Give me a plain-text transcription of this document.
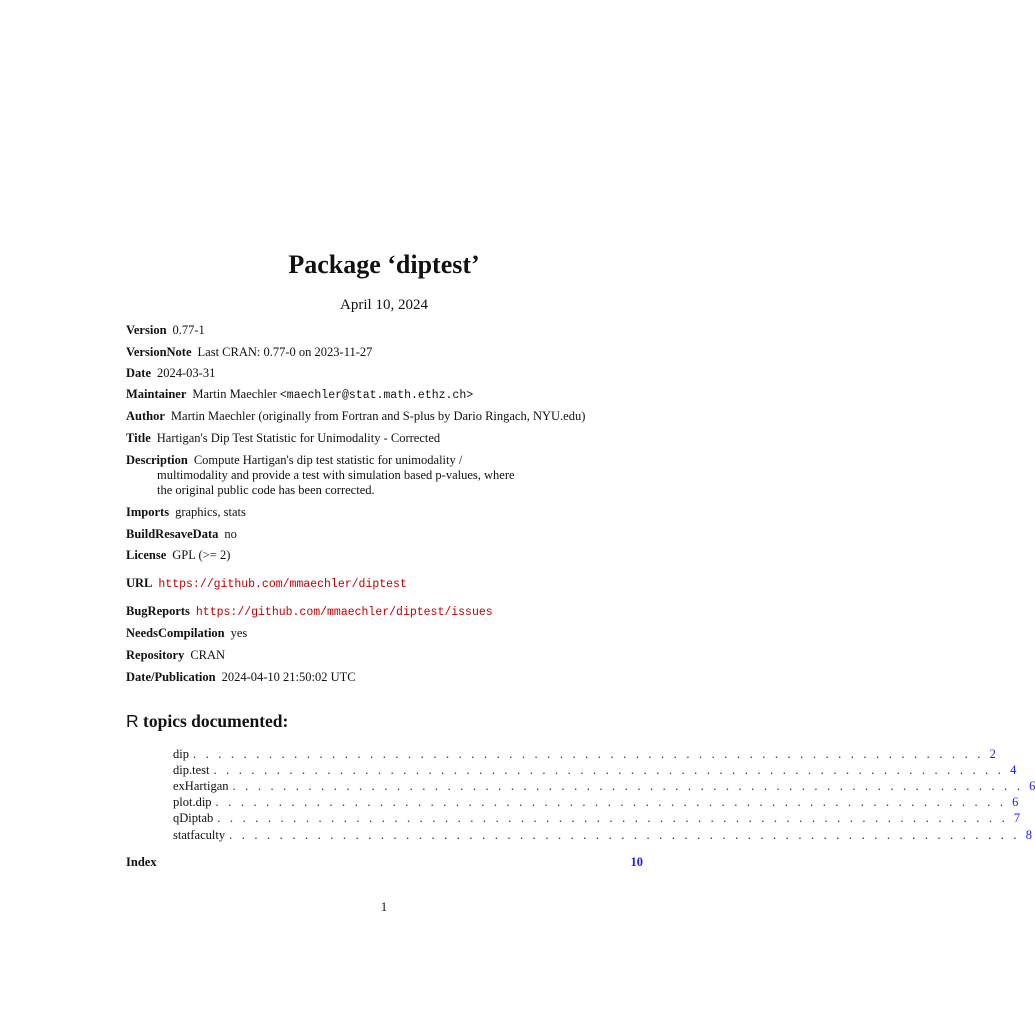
Package ‘diptest’
April 10, 2024
Version 0.77-1
VersionNote Last CRAN: 0.77-0 on 2023-11-27
Date 2024-03-31
Maintainer Martin Maechler <maechler@stat.math.ethz.ch>
Author Martin Maechler (originally from Fortran and S-plus by Dario Ringach, NYU.edu)
Title Hartigan's Dip Test Statistic for Unimodality - Corrected
Description Compute Hartigan's dip test statistic for unimodality /
multimodality and provide a test with simulation based p-values, where
the original public code has been corrected.
Imports graphics, stats
BuildResaveData no
License GPL (>= 2)
URL https://github.com/mmaechler/diptest
BugReports https://github.com/mmaechler/diptest/issues
NeedsCompilation yes
Repository CRAN
Date/Publication 2024-04-10 21:50:02 UTC
R topics documented:
dip . . . . . . . . . . . . . . . . . . . . . . . . . . . . . . . . . . . . . . . . . . . . . . . . . . . . . . . . . . . . . . . 2
dip.test . . . . . . . . . . . . . . . . . . . . . . . . . . . . . . . . . . . . . . . . . . . . . . . . . . . . . . . . . . . . . . . 4
exHartigan . . . . . . . . . . . . . . . . . . . . . . . . . . . . . . . . . . . . . . . . . . . . . . . . . . . . . . . . . . . . . . . 6
plot.dip . . . . . . . . . . . . . . . . . . . . . . . . . . . . . . . . . . . . . . . . . . . . . . . . . . . . . . . . . . . . . . . 6
qDiptab . . . . . . . . . . . . . . . . . . . . . . . . . . . . . . . . . . . . . . . . . . . . . . . . . . . . . . . . . . . . . . . 7
statfaculty . . . . . . . . . . . . . . . . . . . . . . . . . . . . . . . . . . . . . . . . . . . . . . . . . . . . . . . . . . . . . . . 8
Index	10
1
